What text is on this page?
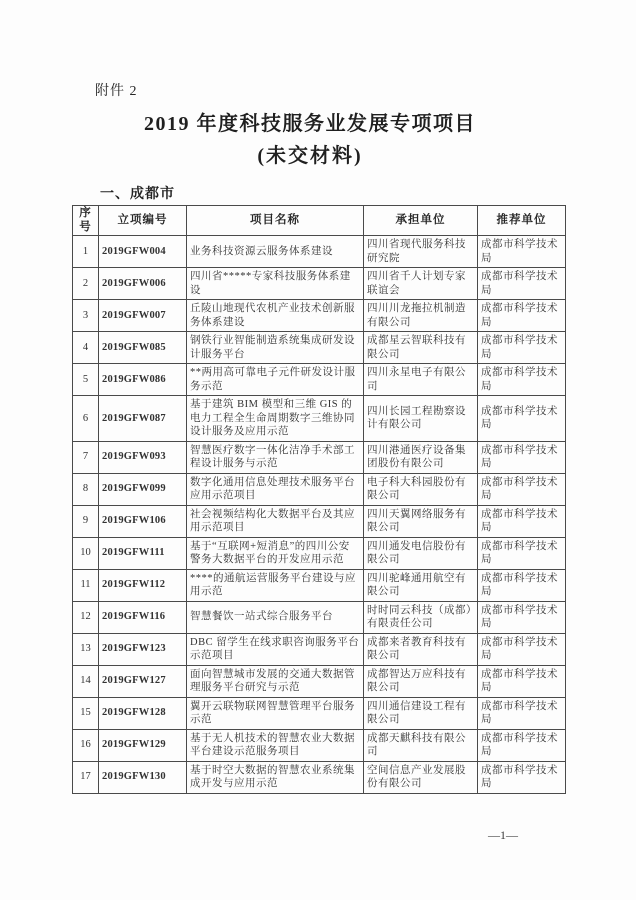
附件 2
2019 年度科技服务业发展专项项目
(未交材料)
一、成都市
序号	立项编号	项目名称	承担单位	推荐单位
1	2019GFW004	业务科技资源云服务体系建设	四川省现代服务科技研究院	成都市科学技术局
2	2019GFW006	四川省*****专家科技服务体系建设	四川省千人计划专家联谊会	成都市科学技术局
3	2019GFW007	丘陵山地现代农机产业技术创新服务体系建设	四川川龙拖拉机制造有限公司	成都市科学技术局
4	2019GFW085	钢铁行业智能制造系统集成研发设计服务平台	成都星云智联科技有限公司	成都市科学技术局
5	2019GFW086	**两用高可靠电子元件研发设计服务示范	四川永星电子有限公司	成都市科学技术局
6	2019GFW087	基于建筑 BIM 模型和三维 GIS 的电力工程全生命周期数字三维协同设计服务及应用示范	四川长园工程勘察设计有限公司	成都市科学技术局
7	2019GFW093	智慧医疗数字一体化洁净手术部工程设计服务与示范	四川港通医疗设备集团股份有限公司	成都市科学技术局
8	2019GFW099	数字化通用信息处理技术服务平台应用示范项目	电子科大科园股份有限公司	成都市科学技术局
9	2019GFW106	社会视频结构化大数据平台及其应用示范项目	四川天翼网络服务有限公司	成都市科学技术局
10	2019GFW111	基于“互联网+短消息”的四川公安警务大数据平台的开发应用示范	四川通发电信股份有限公司	成都市科学技术局
11	2019GFW112	****的通航运营服务平台建设与应用示范	四川驼峰通用航空有限公司	成都市科学技术局
12	2019GFW116	智慧餐饮一站式综合服务平台	时时同云科技（成都）有限责任公司	成都市科学技术局
13	2019GFW123	DBC 留学生在线求职咨询服务平台示范项目	成都来者教育科技有限公司	成都市科学技术局
14	2019GFW127	面向智慧城市发展的交通大数据管理服务平台研究与示范	成都智达万应科技有限公司	成都市科学技术局
15	2019GFW128	翼开云联物联网智慧管理平台服务示范	四川通信建设工程有限公司	成都市科学技术局
16	2019GFW129	基于无人机技术的智慧农业大数据平台建设示范服务项目	成都天麒科技有限公司	成都市科学技术局
17	2019GFW130	基于时空大数据的智慧农业系统集成开发与应用示范	空间信息产业发展股份有限公司	成都市科学技术局
—1—
